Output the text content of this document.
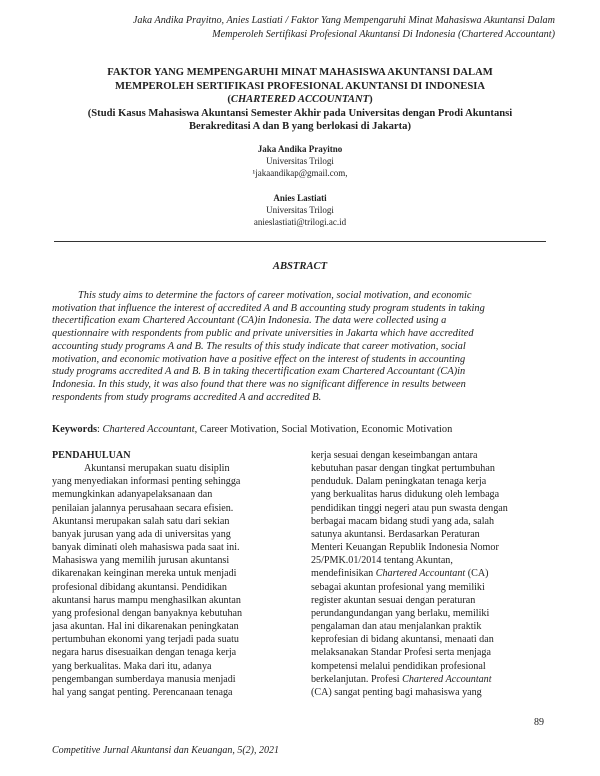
Jaka Andika Prayitno, Anies Lastiati / Faktor Yang Mempengaruhi Minat Mahasiswa Akuntansi Dalam
Memperoleh Sertifikasi Profesional Akuntansi Di Indonesia (Chartered Accountant)
FAKTOR YANG MEMPENGARUHI MINAT MAHASISWA AKUNTANSI DALAM
MEMPEROLEH SERTIFIKASI PROFESIONAL AKUNTANSI DI INDONESIA
(CHARTERED ACCOUNTANT)
(Studi Kasus Mahasiswa Akuntansi Semester Akhir pada Universitas dengan Prodi Akuntansi
Berakreditasi A dan B yang berlokasi di Jakarta)
Jaka Andika Prayitno
Universitas Trilogi
¹jakaandikap@gmail.com,
Anies Lastiati
Universitas Trilogi
anieslastiati@trilogi.ac.id
ABSTRACT
This study aims to determine the factors of career motivation, social motivation, and economic
motivation that influence the interest of accredited A and B accounting study program students in taking
thecertification exam Chartered Accountant (CA)in Indonesia. The data were collected using a
questionnaire with respondents from public and private universities in Jakarta which have accredited
accounting study programs A and B. The results of this study indicate that career motivation, social
motivation, and economic motivation have a positive effect on the interest of students in accounting
study programs accredited A and B. B in taking thecertification exam Chartered Accountant (CA)in
Indonesia. In this study, it was also found that there was no significant difference in results between
respondents from study programs accredited A and accredited B.
Keywords: Chartered Accountant, Career Motivation, Social Motivation, Economic Motivation
PENDAHULUAN
Akuntansi merupakan suatu disiplin
yang menyediakan informasi penting sehingga
memungkinkan adanyapelaksanaan dan
penilaian jalannya perusahaan secara efisien.
Akuntansi merupakan salah satu dari sekian
banyak jurusan yang ada di universitas yang
banyak diminati oleh mahasiswa pada saat ini.
Mahasiswa yang memilih jurusan akuntansi
dikarenakan keinginan mereka untuk menjadi
profesional dibidang akuntansi. Pendidikan
akuntansi harus mampu menghasilkan akuntan
yang profesional dengan banyaknya kebutuhan
jasa akuntan. Hal ini dikarenakan peningkatan
pertumbuhan ekonomi yang terjadi pada suatu
negara harus disesuaikan dengan tenaga kerja
yang berkualitas. Maka dari itu, adanya
pengembangan sumberdaya manusia menjadi
hal yang sangat penting. Perencanaan tenaga
kerja sesuai dengan keseimbangan antara
kebutuhan pasar dengan tingkat pertumbuhan
penduduk. Dalam peningkatan tenaga kerja
yang berkualitas harus didukung oleh lembaga
pendidikan tinggi negeri atau pun swasta dengan
berbagai macam bidang studi yang ada, salah
satunya akuntansi. Berdasarkan Peraturan
Menteri Keuangan Republik Indonesia Nomor
25/PMK.01/2014 tentang Akuntan,
mendefinisikan Chartered Accountant (CA)
sebagai akuntan profesional yang memiliki
register akuntan sesuai dengan peraturan
perundangundangan yang berlaku, memiliki
pengalaman dan atau menjalankan praktik
keprofesian di bidang akuntansi, menaati dan
melaksanakan Standar Profesi serta menjaga
kompetensi melalui pendidikan profesional
berkelanjutan. Profesi Chartered Accountant
(CA) sangat penting bagi mahasiswa yang
89
Competitive Jurnal Akuntansi dan Keuangan, 5(2), 2021
